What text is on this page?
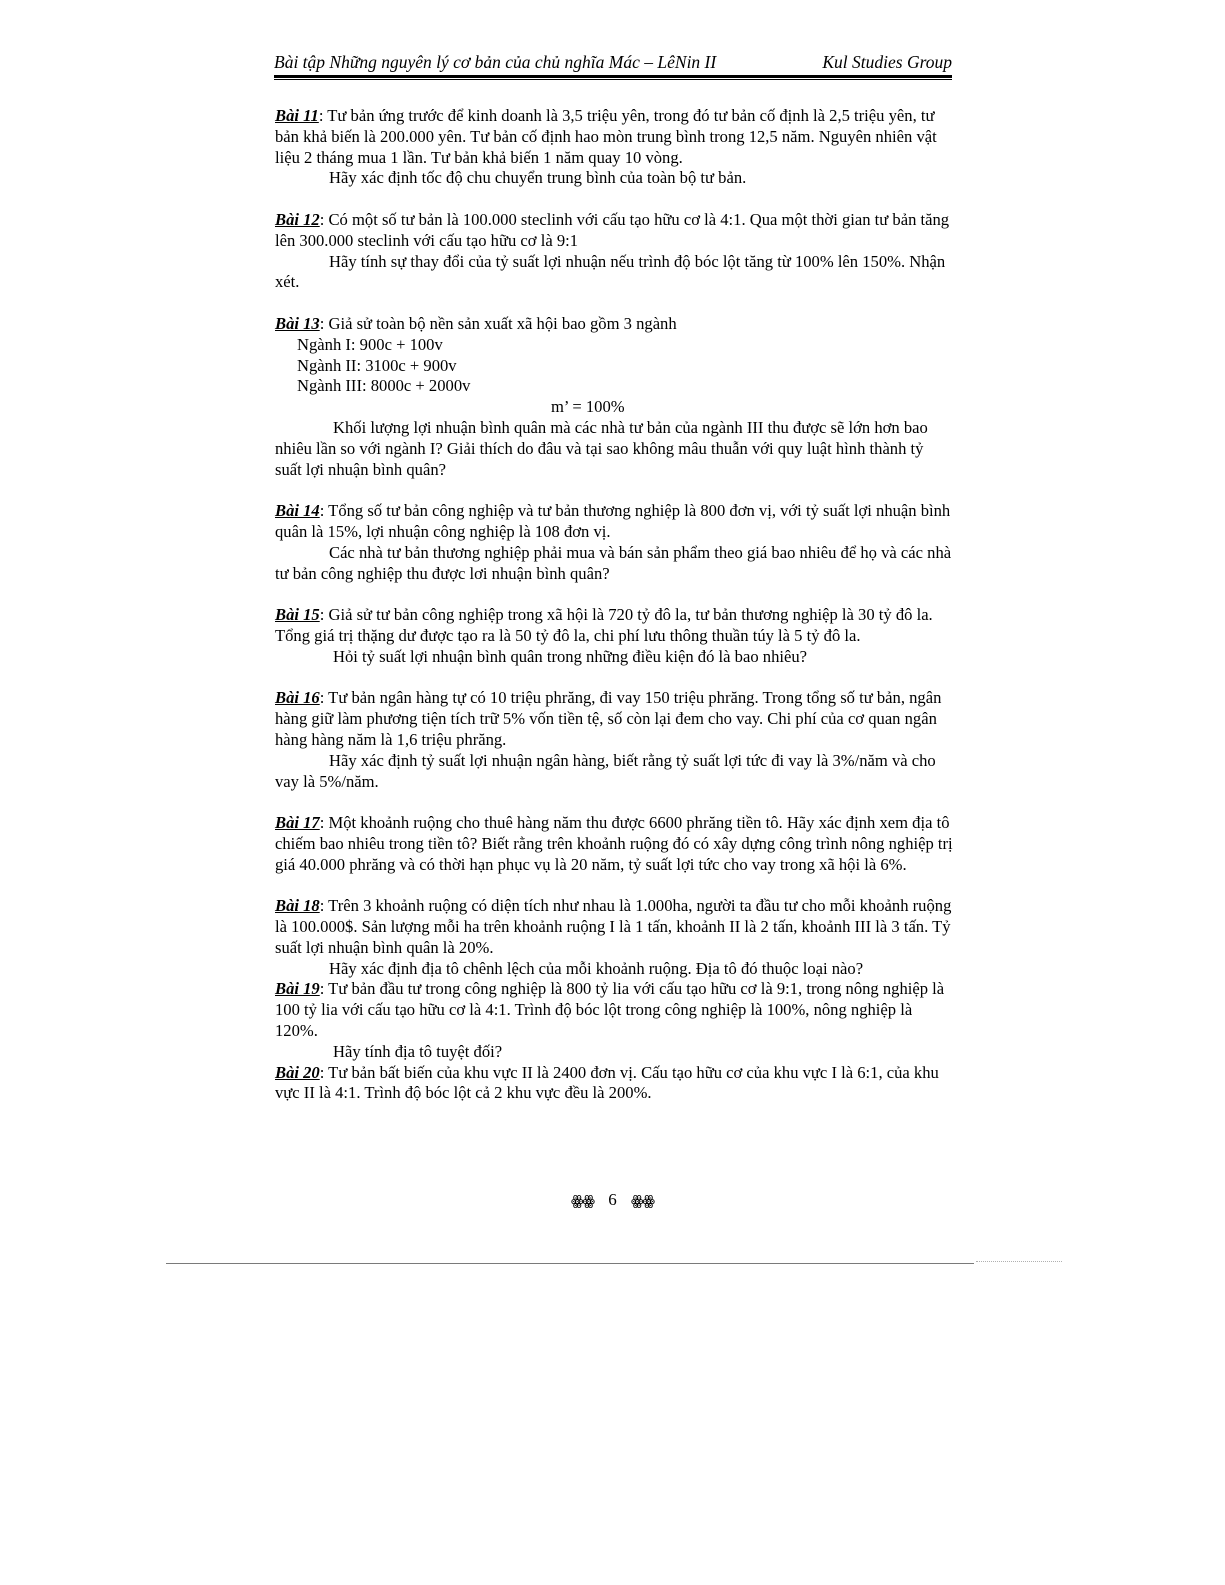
Bài tập Những nguyên lý cơ bản của chủ nghĩa Mác – LêNin II	Kul Studies Group

Bài 11: Tư bản ứng trước để kinh doanh là 3,5 triệu yên, trong đó tư bản cố định là 2,5 triệu yên, tư bản khả biến là 200.000 yên. Tư bản cố định hao mòn trung bình trong 12,5 năm. Nguyên nhiên vật liệu 2 tháng mua 1 lần. Tư bản khả biến 1 năm quay 10 vòng.

Hãy xác định tốc độ chu chuyển trung bình của toàn bộ tư bản.

Bài 12: Có một số tư bản là 100.000 steclinh với cấu tạo hữu cơ là 4:1. Qua một thời gian tư bản tăng lên 300.000 steclinh với cấu tạo hữu cơ là 9:1

Hãy tính sự thay đổi của tỷ suất lợi nhuận nếu trình độ bóc lột tăng từ 100% lên 150%. Nhận xét.

Bài 13: Giả sử toàn bộ nền sản xuất xã hội bao gồm 3 ngành

Ngành I: 900c + 100v

Ngành II: 3100c + 900v

Ngành III: 8000c + 2000v

m’ = 100%

Khối lượng lợi nhuận bình quân mà các nhà tư bản của ngành III thu được sẽ lớn hơn bao nhiêu lần so với ngành I? Giải thích do đâu và tại sao không mâu thuẫn với quy luật hình thành tỷ suất lợi nhuận bình quân?

Bài 14: Tổng số tư bản công nghiệp và tư bản thương nghiệp là 800 đơn vị, với tỷ suất lợi nhuận bình quân là 15%, lợi nhuận công nghiệp là 108 đơn vị.

Các nhà tư bản thương nghiệp phải mua và bán sản phẩm theo giá bao nhiêu để họ và các nhà tư bản công nghiệp thu được lơi nhuận bình quân?

Bài 15: Giả sử tư bản công nghiệp trong xã hội là 720 tỷ đô la, tư bản thương nghiệp là 30 tỷ đô la. Tổng giá trị thặng dư được tạo ra là 50 tỷ đô la, chi phí lưu thông thuần túy là 5 tỷ đô la.

Hỏi tỷ suất lợi nhuận bình quân trong những điều kiện đó là bao nhiêu?

Bài 16: Tư bản ngân hàng tự có 10 triệu phrăng, đi vay 150 triệu phrăng. Trong tổng số tư bản, ngân hàng giữ làm phương tiện tích trữ 5% vốn tiền tệ, số còn lại đem cho vay. Chi phí của cơ quan ngân hàng hàng năm là 1,6 triệu phrăng.

Hãy xác định tỷ suất lợi nhuận ngân hàng, biết rằng tỷ suất lợi tức đi vay là 3%/năm và cho vay là 5%/năm.

Bài 17: Một khoảnh ruộng cho thuê hàng năm thu được 6600 phrăng tiền tô. Hãy xác định xem địa tô chiếm bao nhiêu trong tiền tô? Biết rằng trên khoảnh ruộng đó có xây dựng công trình nông nghiệp trị giá 40.000 phrăng và có thời hạn phục vụ là 20 năm, tỷ suất lợi tức cho vay trong xã hội là 6%.

Bài 18: Trên 3 khoảnh ruộng có diện tích như nhau là 1.000ha, người ta đầu tư cho mỗi khoảnh ruộng là 100.000$. Sản lượng mỗi ha trên khoảnh ruộng I là 1 tấn, khoảnh II là 2 tấn, khoảnh III là 3 tấn. Tỷ suất lợi nhuận bình quân là 20%.

Hãy xác định địa tô chênh lệch của mỗi khoảnh ruộng. Địa tô đó thuộc loại nào?

Bài 19: Tư bản đầu tư trong công nghiệp là 800 tỷ lia với cấu tạo hữu cơ là 9:1, trong nông nghiệp là 100 tỷ lia với cấu tạo hữu cơ là 4:1. Trình độ bóc lột trong công nghiệp là 100%, nông nghiệp là 120%.

Hãy tính địa tô tuyệt đối?

Bài 20: Tư bản bất biến của khu vực II là 2400 đơn vị. Cấu tạo hữu cơ của khu vực I là 6:1, của khu vực II là 4:1. Trình độ bóc lột cả 2 khu vực đều là 200%.

ꙮꙮ 6 ꙮꙮ
